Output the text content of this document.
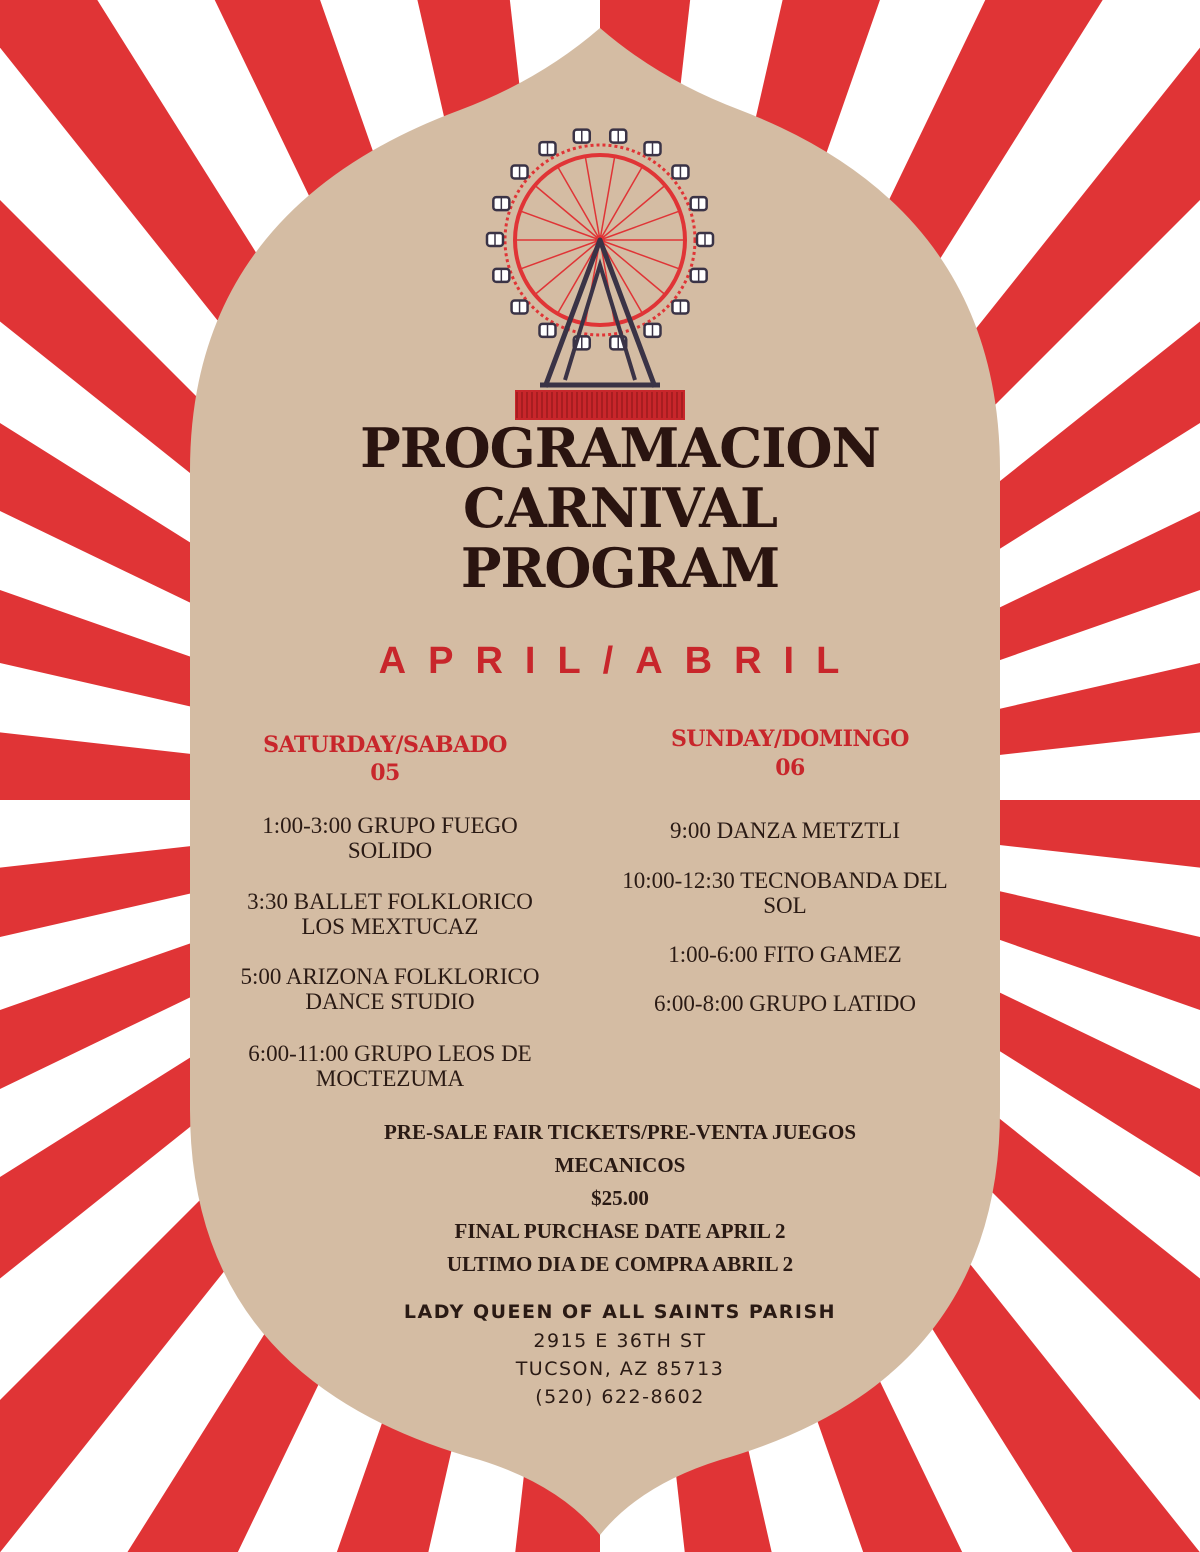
PROGRAMACION
CARNIVAL
PROGRAM
APRIL/ABRIL
SATURDAY/SABADO
05
1:00-3:00 GRUPO FUEGO
SOLIDO
3:30 BALLET FOLKLORICO
LOS MEXTUCAZ
5:00 ARIZONA FOLKLORICO
DANCE STUDIO
6:00-11:00 GRUPO LEOS DE
MOCTEZUMA
SUNDAY/DOMINGO
06
9:00 DANZA METZTLI
10:00-12:30 TECNOBANDA DEL
SOL
1:00-6:00 FITO GAMEZ
6:00-8:00 GRUPO LATIDO
PRE-SALE FAIR TICKETS/PRE-VENTA JUEGOS
MECANICOS
$25.00
FINAL PURCHASE DATE APRIL 2
ULTIMO DIA DE COMPRA ABRIL 2
LADY QUEEN OF ALL SAINTS PARISH
2915 E 36TH ST
TUCSON, AZ 85713
(520) 622-8602
